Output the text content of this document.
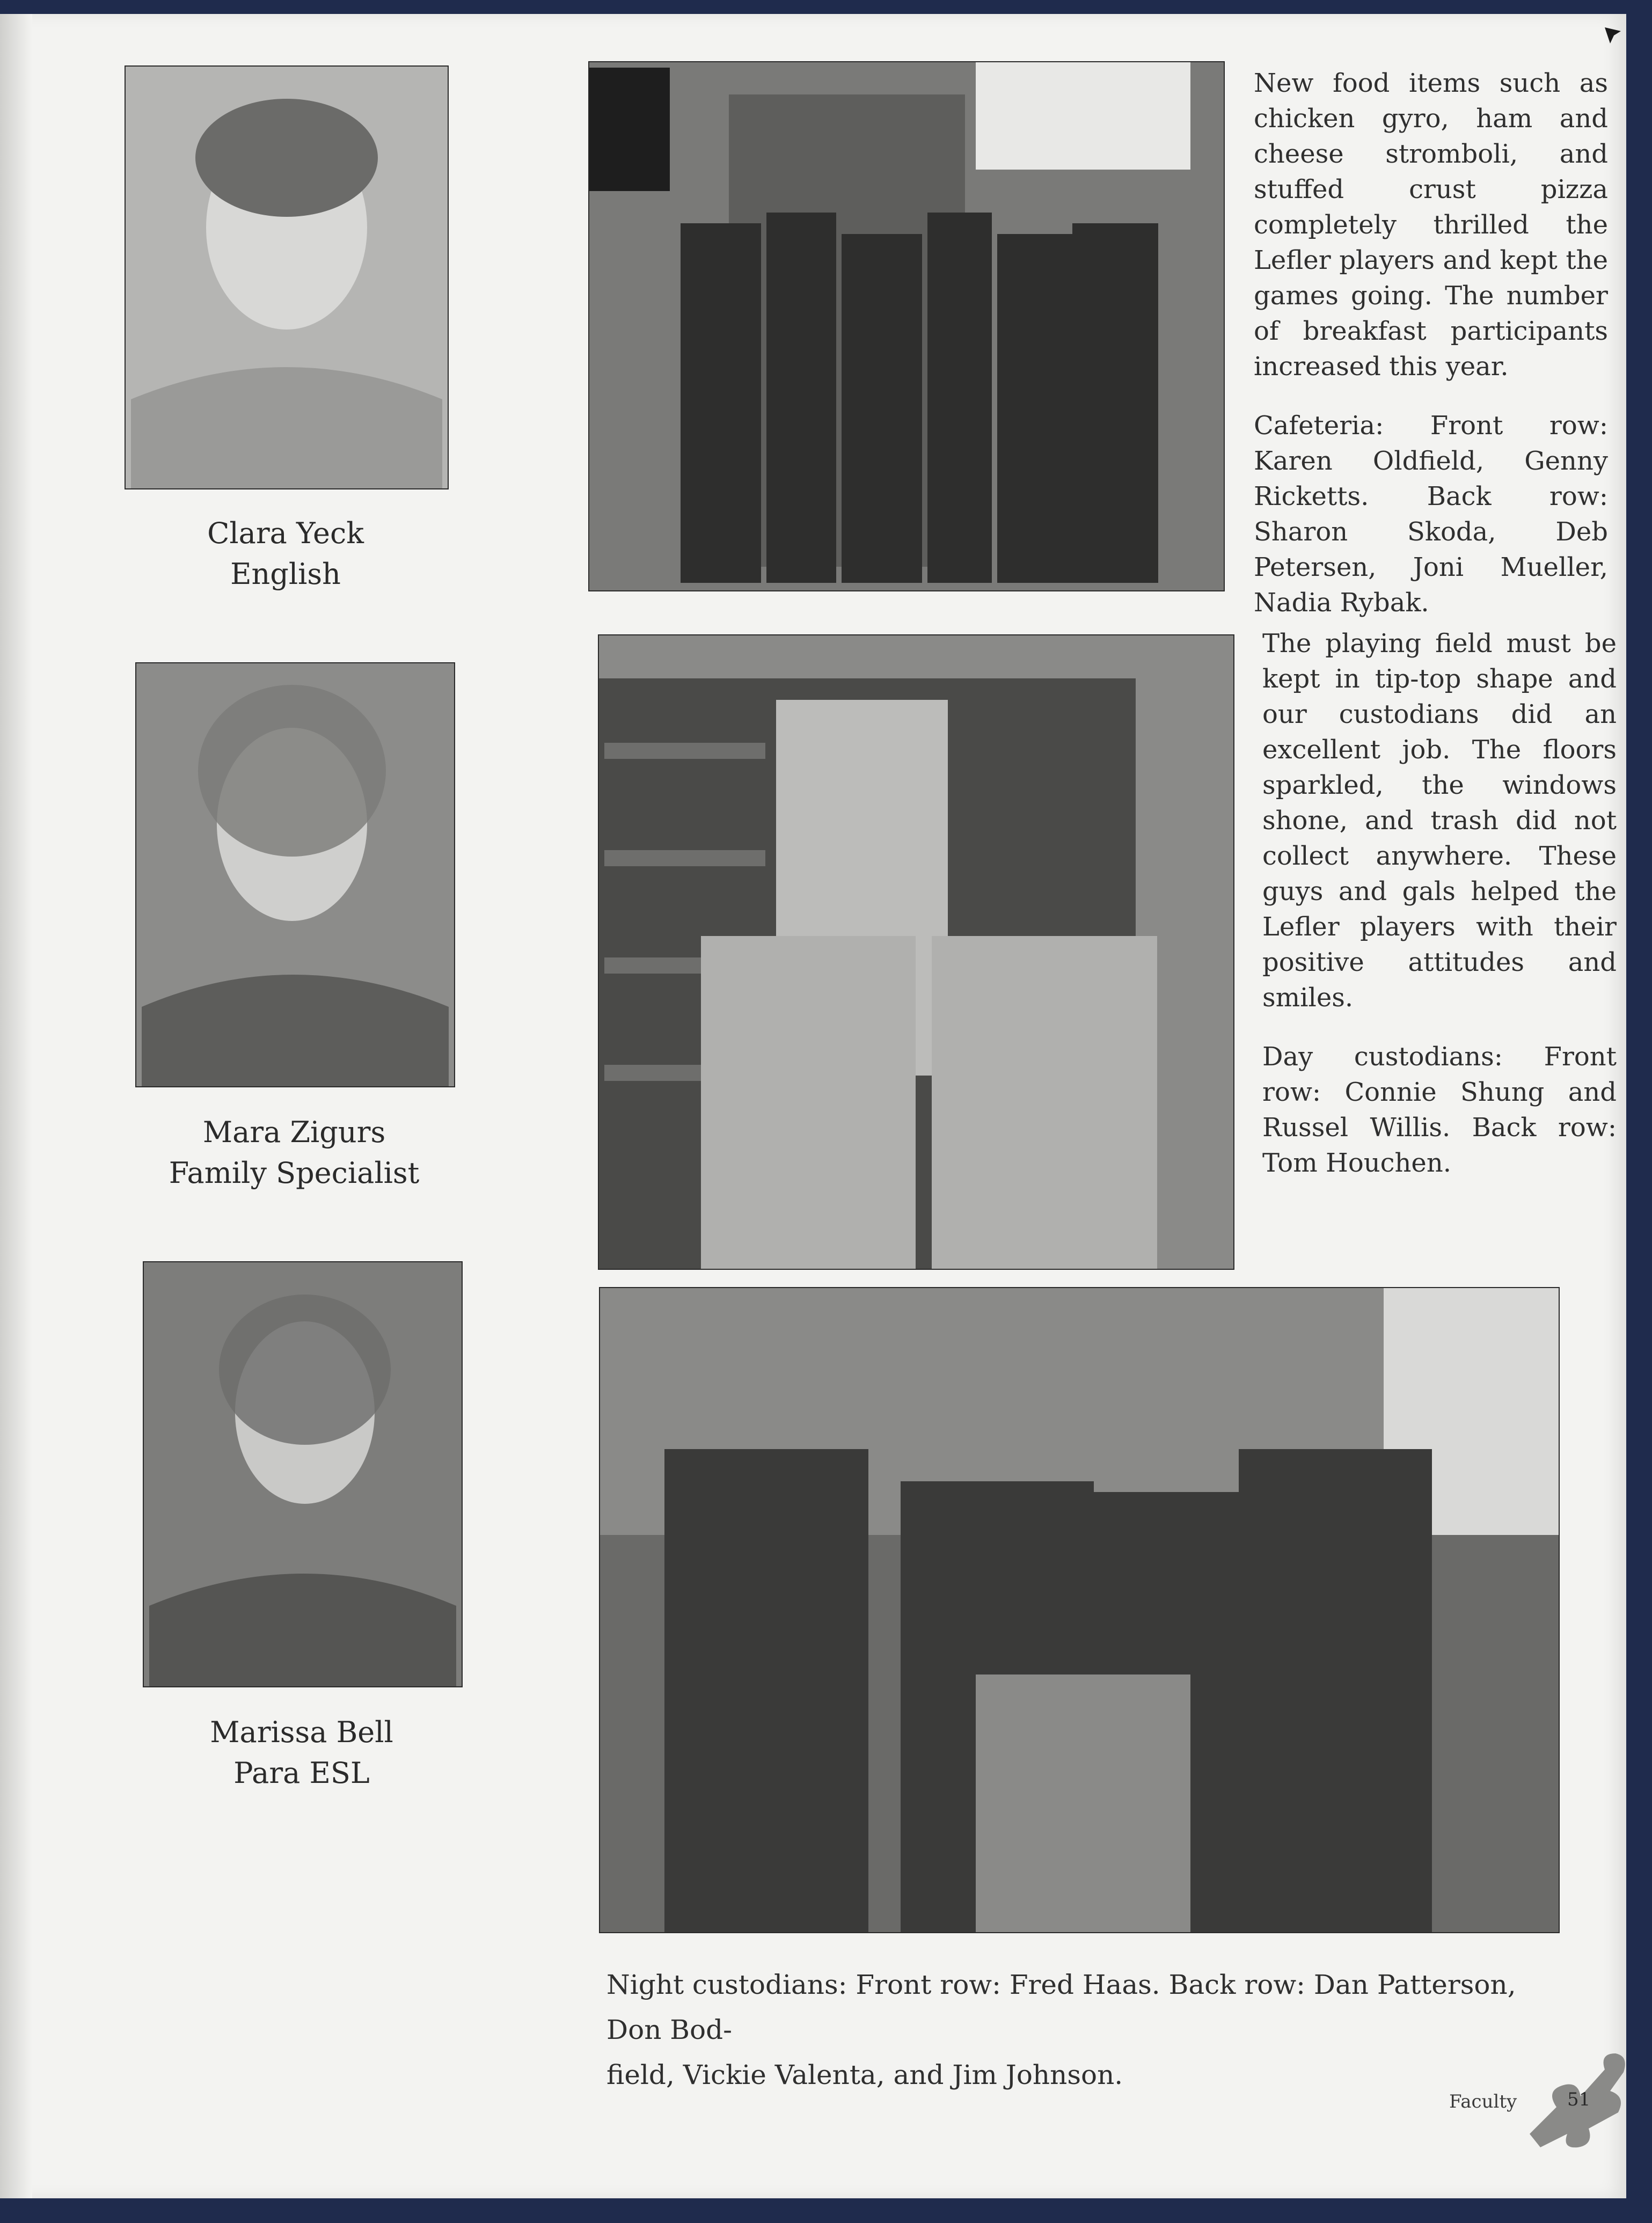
Clara Yeck
English
Mara Zigurs
Family Specialist
Marissa Bell
Para ESL

New food items such as chicken gyro, ham and cheese stromboli, and stuffed crust pizza completely thrilled the Lefler players and kept the games going. The number of breakfast participants increased this year.

Cafeteria: Front row: Karen Oldfield, Genny Ricketts. Back row: Sharon Skoda, Deb Petersen, Joni Mueller, Nadia Rybak.

The playing field must be kept in tip-top shape and our custodians did an excellent job. The floors sparkled, the windows shone, and trash did not collect anywhere. These guys and gals helped the Lefler players with their positive attitudes and smiles.

Day custodians: Front row: Connie Shung and Russel Willis. Back row: Tom Houchen.

Night custodians: Front row: Fred Haas. Back row: Dan Patterson, Don Bod-
field, Vickie Valenta, and Jim Johnson.
Faculty	51
